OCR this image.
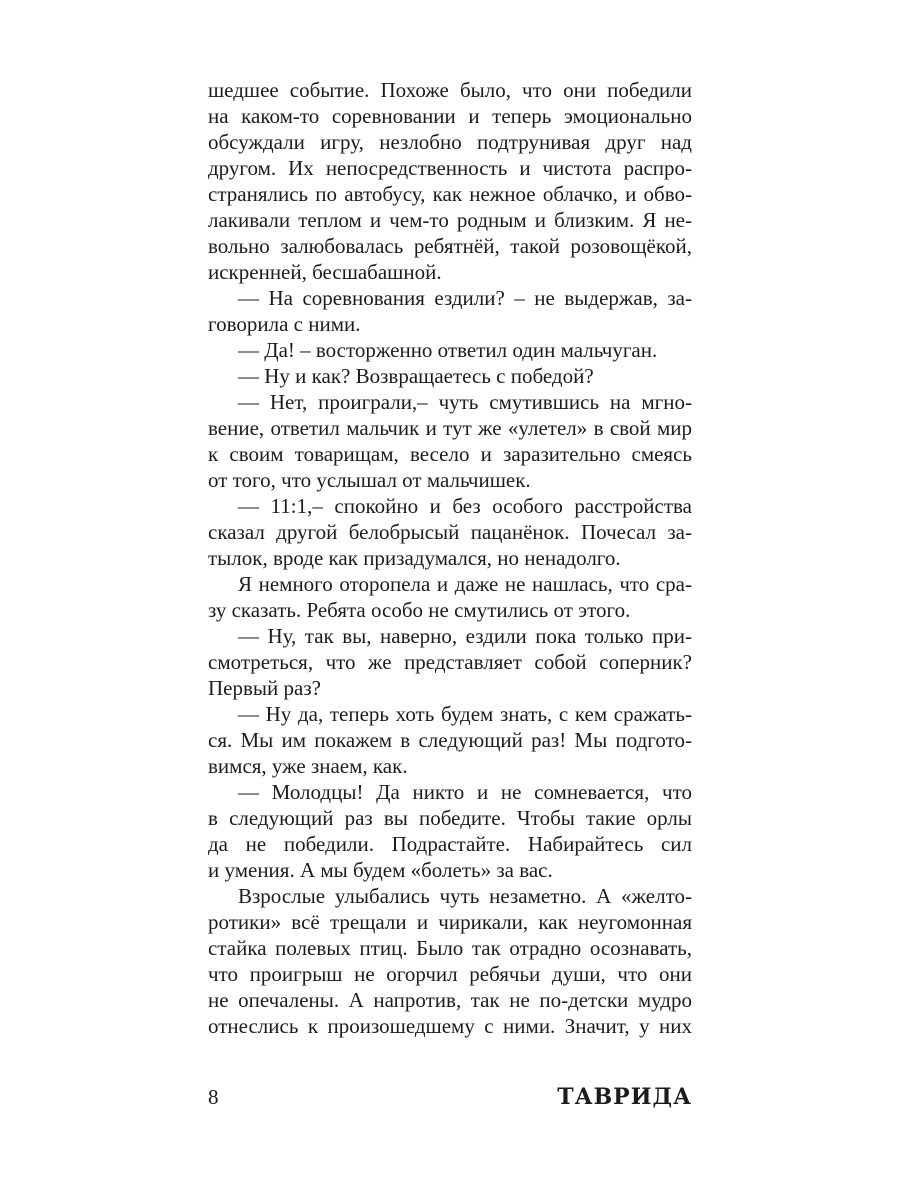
шедшее событие. Похоже было, что они победили
на каком-то соревновании и теперь эмоционально
обсуждали игру, незлобно подтрунивая друг над
другом. Их непосредственность и чистота распро-
странялись по автобусу, как нежное облачко, и обво-
лакивали теплом и чем-то родным и близким. Я не-
вольно залюбовалась ребятнёй, такой розовощёкой,
искренней, бесшабашной.
— На соревнования ездили? – не выдержав, за-
говорила с ними.
— Да! – восторженно ответил один мальчуган.
— Ну и как? Возвращаетесь с победой?
— Нет, проиграли,– чуть смутившись на мгно-
вение, ответил мальчик и тут же «улетел» в свой мир
к своим товарищам, весело и заразительно смеясь
от того, что услышал от мальчишек.
— 11:1,– спокойно и без особого расстройства
сказал другой белобрысый пацанёнок. Почесал за-
тылок, вроде как призадумался, но ненадолго.
Я немного оторопела и даже не нашлась, что сра-
зу сказать. Ребята особо не смутились от этого.
— Ну, так вы, наверно, ездили пока только при-
смотреться, что же представляет собой соперник?
Первый раз?
— Ну да, теперь хоть будем знать, с кем сражать-
ся. Мы им покажем в следующий раз! Мы подгото-
вимся, уже знаем, как.
— Молодцы! Да никто и не сомневается, что
в следующий раз вы победите. Чтобы такие орлы
да не победили. Подрастайте. Набирайтесь сил
и умения. А мы будем «болеть» за вас.
Взрослые улыбались чуть незаметно. А «желто-
ротики» всё трещали и чирикали, как неугомонная
стайка полевых птиц. Было так отрадно осознавать,
что проигрыш не огорчил ребячьи души, что они
не опечалены. А напротив, так не по-детски мудро
отнеслись к произошедшему с ними. Значит, у них
8	ТАВРИДА
